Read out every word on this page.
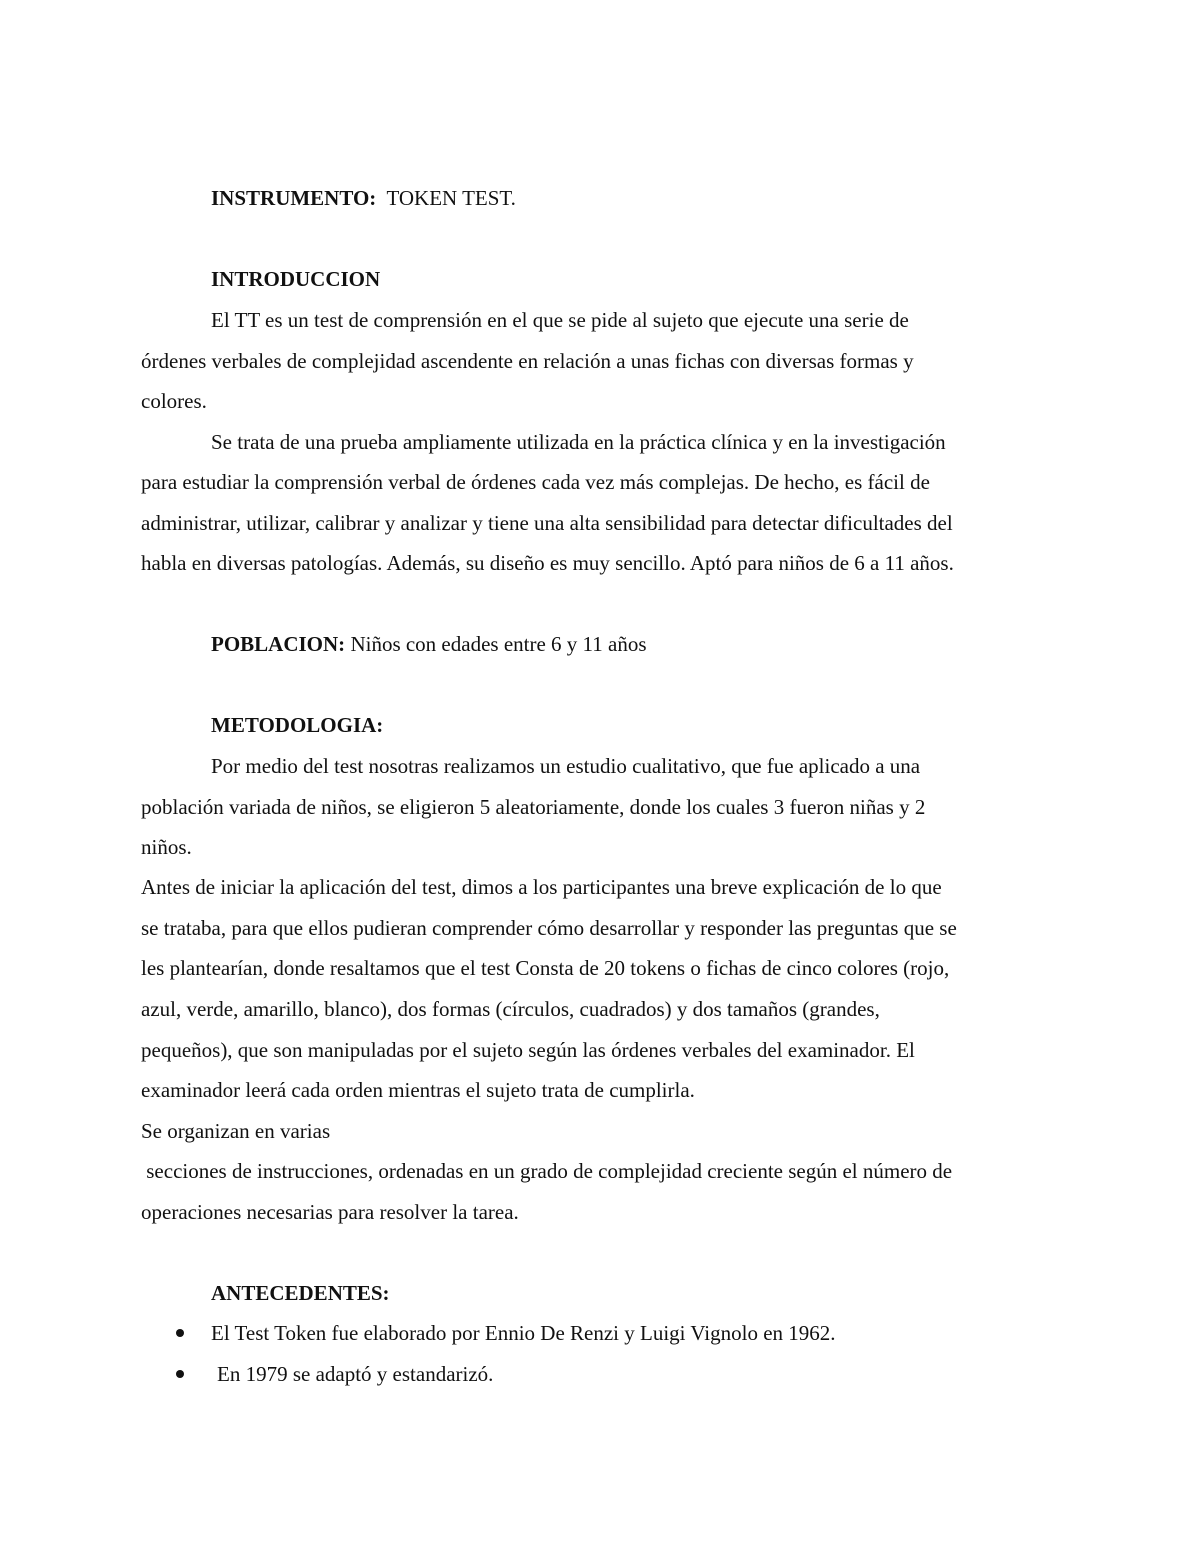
INSTRUMENTO: TOKEN TEST.
INTRODUCCION
El TT es un test de comprensión en el que se pide al sujeto que ejecute una serie de
órdenes verbales de complejidad ascendente en relación a unas fichas con diversas formas y
colores.
Se trata de una prueba ampliamente utilizada en la práctica clínica y en la investigación
para estudiar la comprensión verbal de órdenes cada vez más complejas. De hecho, es fácil de
administrar, utilizar, calibrar y analizar y tiene una alta sensibilidad para detectar dificultades del
habla en diversas patologías. Además, su diseño es muy sencillo. Aptó para niños de 6 a 11 años.
POBLACION: Niños con edades entre 6 y 11 años
METODOLOGIA:
Por medio del test nosotras realizamos un estudio cualitativo, que fue aplicado a una
población variada de niños, se eligieron 5 aleatoriamente, donde los cuales 3 fueron niñas y 2
niños.
Antes de iniciar la aplicación del test, dimos a los participantes una breve explicación de lo que
se trataba, para que ellos pudieran comprender cómo desarrollar y responder las preguntas que se
les plantearían, donde resaltamos que el test Consta de 20 tokens o fichas de cinco colores (rojo,
azul, verde, amarillo, blanco), dos formas (círculos, cuadrados) y dos tamaños (grandes,
pequeños), que son manipuladas por el sujeto según las órdenes verbales del examinador. El
examinador leerá cada orden mientras el sujeto trata de cumplirla.
Se organizan en varias
secciones de instrucciones, ordenadas en un grado de complejidad creciente según el número de
operaciones necesarias para resolver la tarea.
ANTECEDENTES:
El Test Token fue elaborado por Ennio De Renzi y Luigi Vignolo en 1962.
En 1979 se adaptó y estandarizó.
